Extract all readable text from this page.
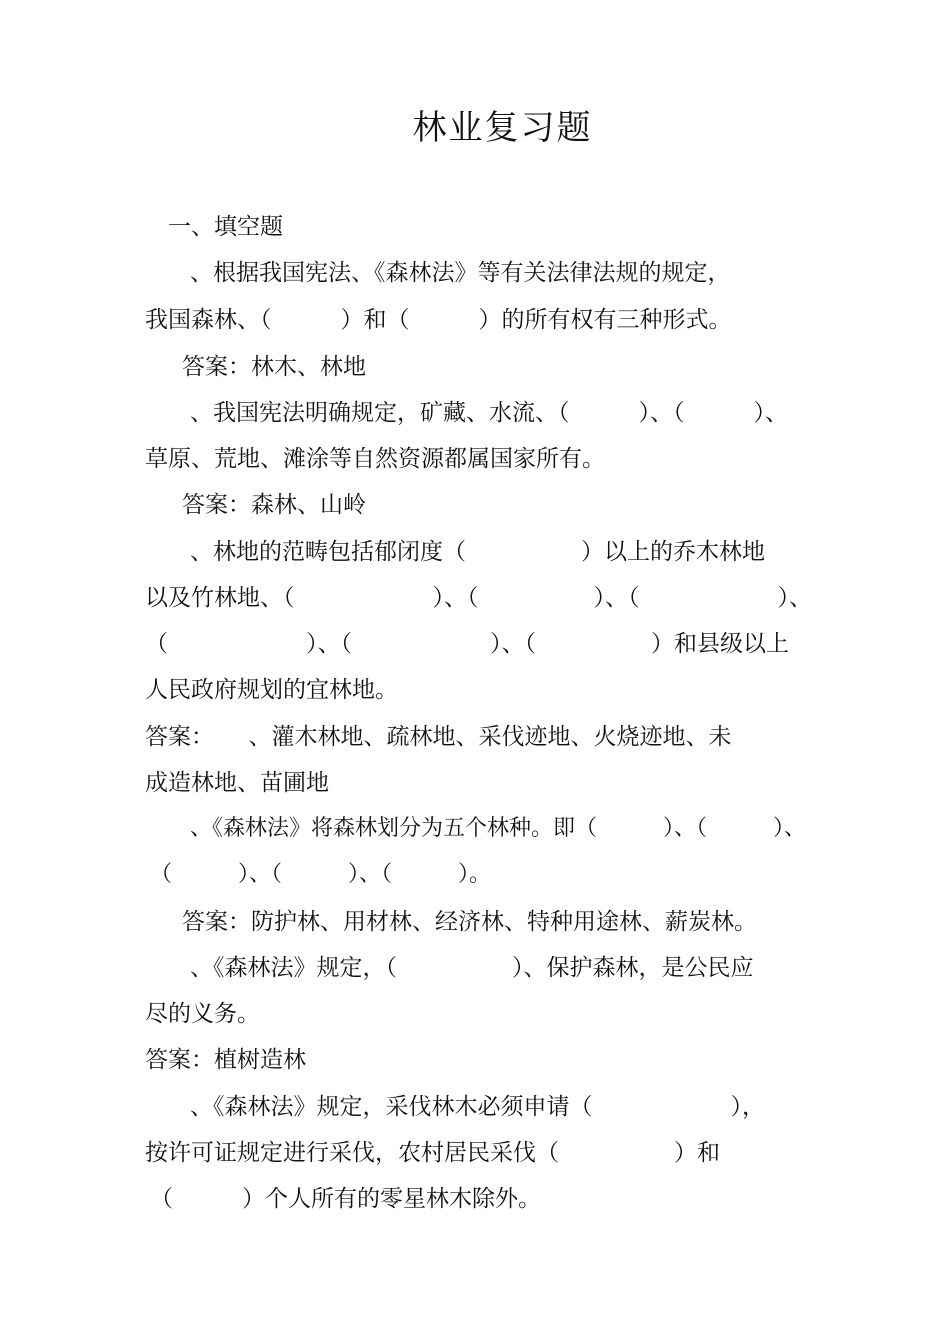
林业复习题
一、填空题
、根据我国宪法、《森林法》等有关法律法规的规定，
我国森林、（　　　）和（　　　）的所有权有三种形式。
答案：林木、林地
、我国宪法明确规定，矿藏、水流、（　　　）、（　　　）、
草原、荒地、滩涂等自然资源都属国家所有。
答案：森林、山岭
、林地的范畴包括郁闭度（　　　　　）以上的乔木林地
以及竹林地、（　　　　　　）、（　　　　　）、（　　　　　　）、
（　　　　　　）、（　　　　　　）、（　　　　　）和县级以上
人民政府规划的宜林地。
答案：　　、灌木林地、疏林地、采伐迹地、火烧迹地、未
成造林地、苗圃地
、《森林法》将森林划分为五个林种。即（　　　）、（　　　）、
（　　　）、（　　　）、（　　　）。
答案：防护林、用材林、经济林、特种用途林、薪炭林。
、《森林法》规定，（　　　　　）、保护森林，是公民应
尽的义务。
答案：植树造林
、《森林法》规定，采伐林木必须申请（　　　　　　），
按许可证规定进行采伐，农村居民采伐（　　　　　）和
（　　　）个人所有的零星林木除外。
